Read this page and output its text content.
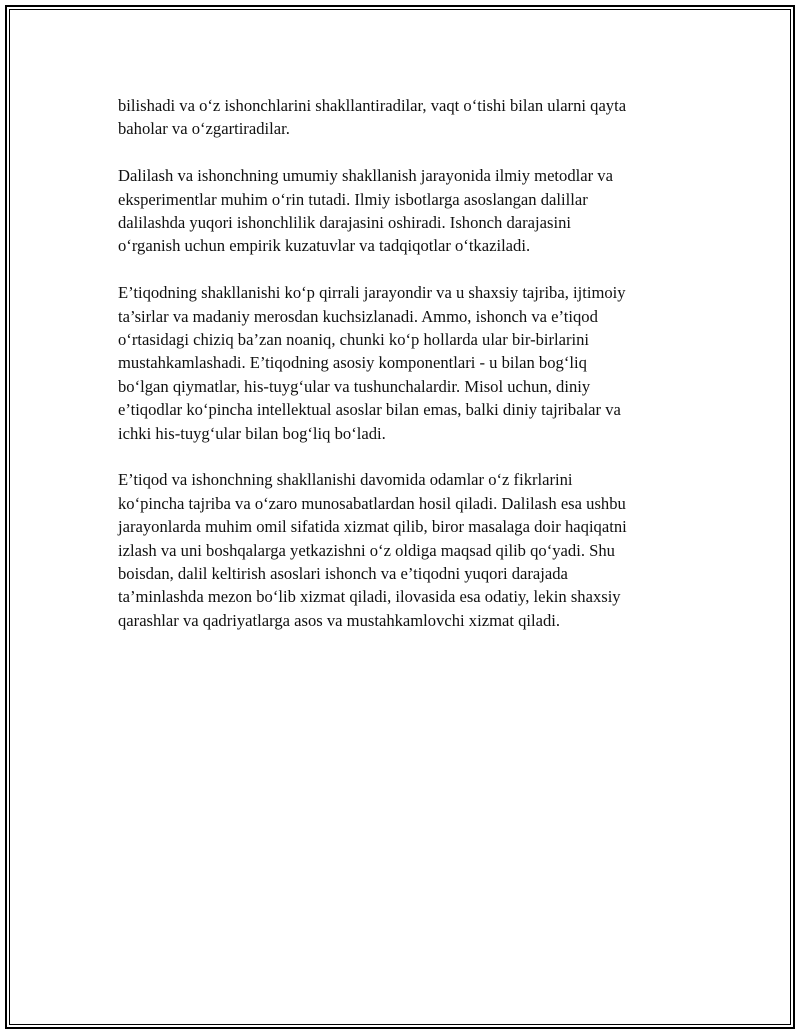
bilishadi va o‘z ishonchlarini shakllantiradilar, vaqt o‘tishi bilan ularni qayta
baholar va o‘zgartiradilar.

Dalilash va ishonchning umumiy shakllanish jarayonida ilmiy metodlar va
eksperimentlar muhim o‘rin tutadi. Ilmiy isbotlarga asoslangan dalillar
dalilashda yuqori ishonchlilik darajasini oshiradi. Ishonch darajasini
o‘rganish uchun empirik kuzatuvlar va tadqiqotlar o‘tkaziladi.

E’tiqodning shakllanishi ko‘p qirrali jarayondir va u shaxsiy tajriba, ijtimoiy
ta’sirlar va madaniy merosdan kuchsizlanadi. Ammo, ishonch va e’tiqod
o‘rtasidagi chiziq ba’zan noaniq, chunki ko‘p hollarda ular bir-birlarini
mustahkamlashadi. E’tiqodning asosiy komponentlari - u bilan bog‘liq
bo‘lgan qiymatlar, his-tuyg‘ular va tushunchalardir. Misol uchun, diniy
e’tiqodlar ko‘pincha intellektual asoslar bilan emas, balki diniy tajribalar va
ichki his-tuyg‘ular bilan bog‘liq bo‘ladi.

E’tiqod va ishonchning shakllanishi davomida odamlar o‘z fikrlarini
ko‘pincha tajriba va o‘zaro munosabatlardan hosil qiladi. Dalilash esa ushbu
jarayonlarda muhim omil sifatida xizmat qilib, biror masalaga doir haqiqatni
izlash va uni boshqalarga yetkazishni o‘z oldiga maqsad qilib qo‘yadi. Shu
boisdan, dalil keltirish asoslari ishonch va e’tiqodni yuqori darajada
ta’minlashda mezon bo‘lib xizmat qiladi, ilovasida esa odatiy, lekin shaxsiy
qarashlar va qadriyatlarga asos va mustahkamlovchi xizmat qiladi.
